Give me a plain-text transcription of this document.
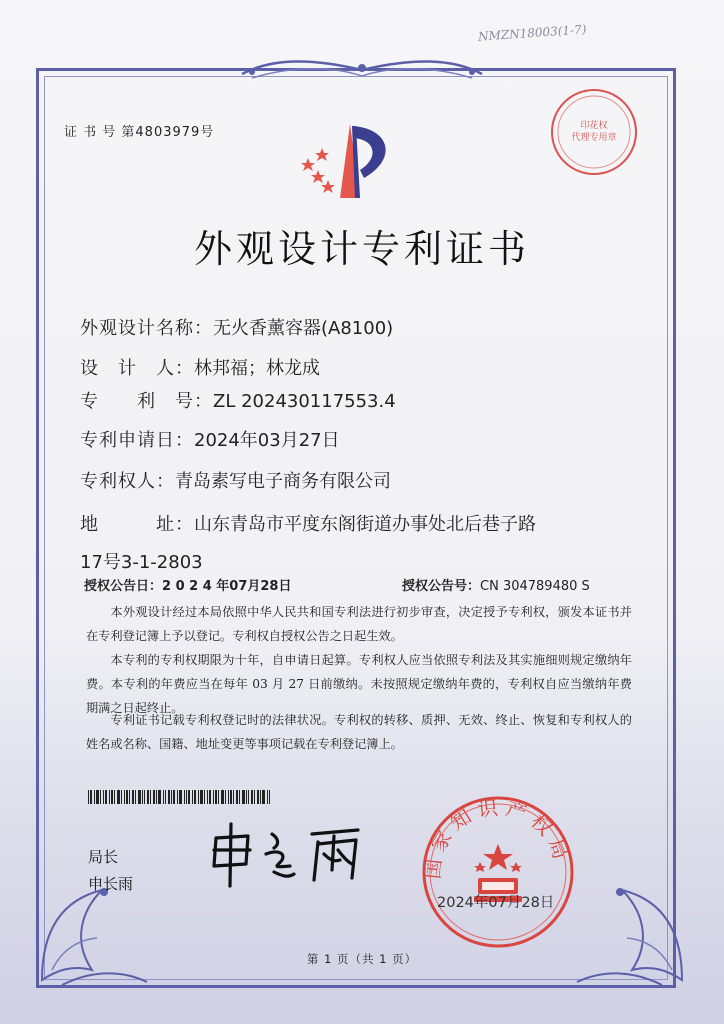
NMZN18003(1-7)
印花权
代理专用章
证 书 号 第4803979号
外观设计专利证书
外观设计名称：无火香薰容器(A8100)
设　计　人：林邦福；林龙成
专　　利　号：ZL 202430117553.4
专利申请日：2024年03月27日
专利权人：青岛素写电子商务有限公司
地　　　址：山东青岛市平度东阁街道办事处北后巷子路
17号3-1-2803
授权公告日：2 0 2 4 年07月28日	授权公告号：CN 304789480 S
本外观设计经过本局依照中华人民共和国专利法进行初步审查，决定授予专利权，颁发本证书并在专利登记簿上予以登记。专利权自授权公告之日起生效。
本专利的专利权期限为十年，自申请日起算。专利权人应当依照专利法及其实施细则规定缴纳年费。本专利的年费应当在每年 03 月 27 日前缴纳。未按照规定缴纳年费的，专利权自应当缴纳年费期满之日起终止。
专利证书记载专利权登记时的法律状况。专利权的转移、质押、无效、终止、恢复和专利权人的姓名或名称、国籍、地址变更等事项记载在专利登记簿上。
局长
申长雨
国家知识产权局
2024年07月28日
第 1 页（共 1 页）
